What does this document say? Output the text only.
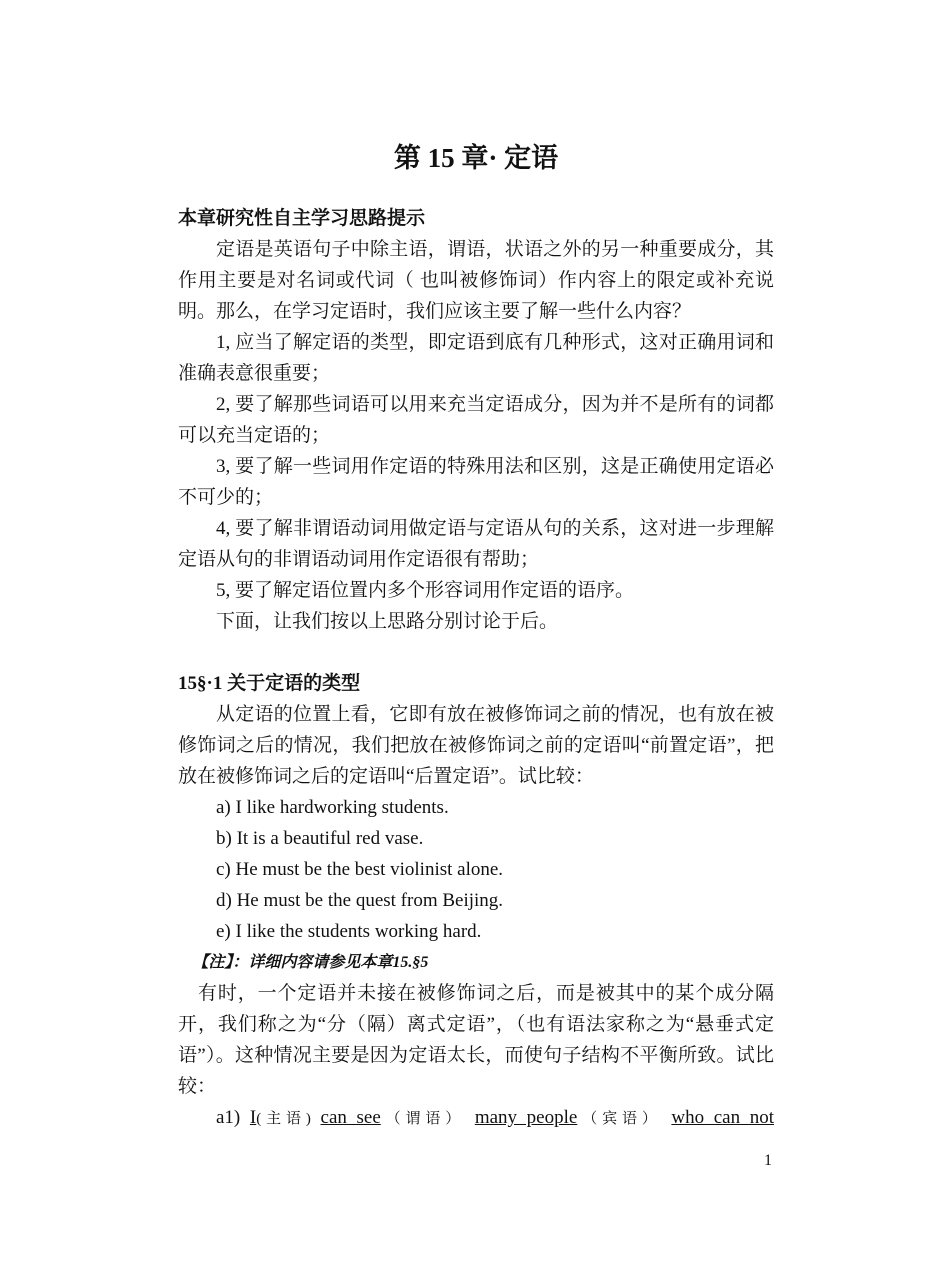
第 15 章· 定语

本章研究性自主学习思路提示

定语是英语句子中除主语，谓语，状语之外的另一种重要成分，其作用主要是对名词或代词（ 也叫被修饰词）作内容上的限定或补充说明。那么，在学习定语时，我们应该主要了解一些什么内容？

1, 应当了解定语的类型，即定语到底有几种形式，这对正确用词和准确表意很重要；

2, 要了解那些词语可以用来充当定语成分，因为并不是所有的词都可以充当定语的；

3, 要了解一些词用作定语的特殊用法和区别，这是正确使用定语必不可少的；

4, 要了解非谓语动词用做定语与定语从句的关系，这对进一步理解定语从句的非谓语动词用作定语很有帮助；

5, 要了解定语位置内多个形容词用作定语的语序。

下面，让我们按以上思路分别讨论于后。

15§·1 关于定语的类型

从定语的位置上看，它即有放在被修饰词之前的情况，也有放在被修饰词之后的情况，我们把放在被修饰词之前的定语叫“前置定语”，把放在被修饰词之后的定语叫“后置定语”。试比较：

a) I like hardworking students.

b) It is a beautiful red vase.

c) He must be the best violinist alone.

d) He must be the quest from Beijing.

e) I like the students working hard.

【注】：详细内容请参见本章15.§5

有时，一个定语并未接在被修饰词之后，而是被其中的某个成分隔开，我们称之为“分（隔）离式定语”，（也有语法家称之为“悬垂式定语”）。这种情况主要是因为定语太长，而使句子结构不平衡所致。试比较：

a1) I(主语) can see（谓语） many people（宾语） who can not

1
